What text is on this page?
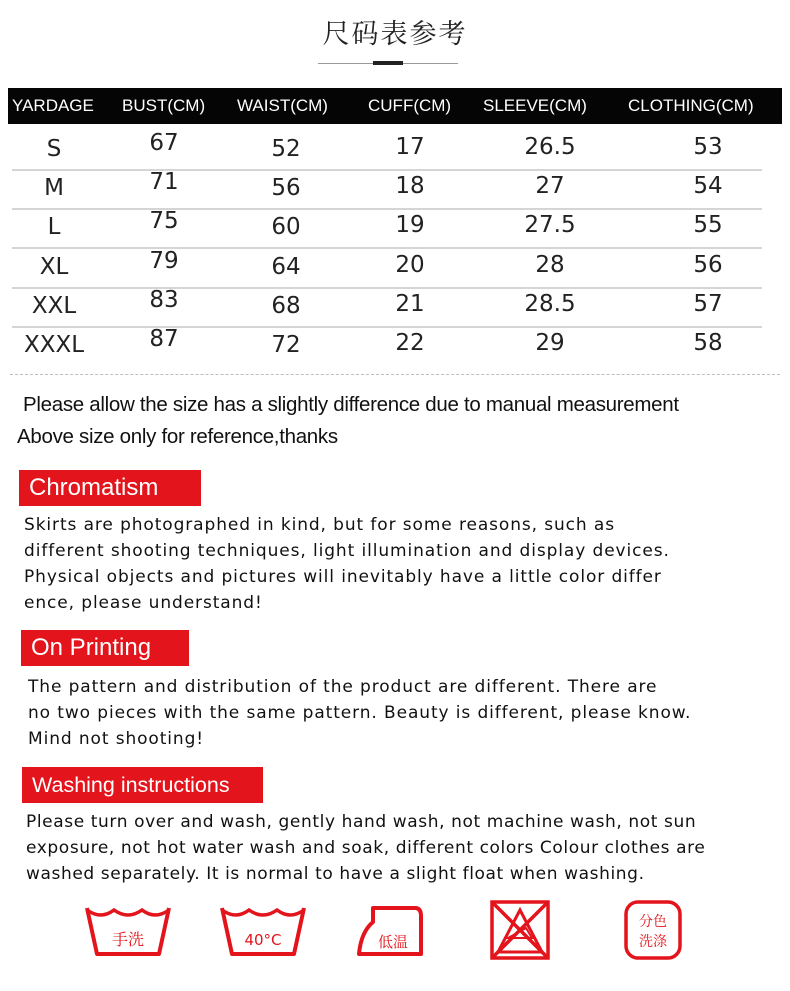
尺码表参考
YARDAGE BUST(CM) WAIST(CM) CUFF(CM) SLEEVE(CM) CLOTHING(CM)
S	67	52	17	26.5	53
M	71	56	18	27	54
L	75	60	19	27.5	55
XL	79	64	20	28	56
XXL	83	68	21	28.5	57
XXXL	87	72	22	29	58
Please allow the size has a slightly difference due to manual measurement
Above size only for reference,thanks
Chromatism
Skirts are photographed in kind, but for some reasons, such as
different shooting techniques, light illumination and display devices.
Physical objects and pictures will inevitably have a little color differ
ence, please understand!
On Printing
The pattern and distribution of the product are different. There are
no two pieces with the same pattern. Beauty is different, please know.
Mind not shooting!
Washing instructions
Please turn over and wash, gently hand wash, not machine wash, not sun
exposure, not hot water wash and soak, different colors Colour clothes are
washed separately. It is normal to have a slight float when washing.
手洗	40°C	低温
分色
洗涤
